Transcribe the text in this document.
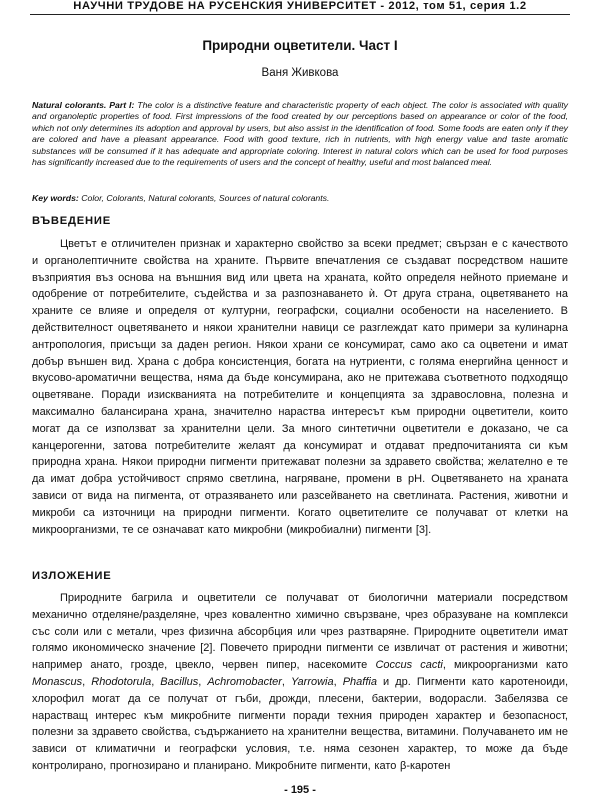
НАУЧНИ ТРУДОВЕ НА РУСЕНСКИЯ УНИВЕРСИТЕТ - 2012, том 51, серия 1.2
Природни оцветители. Част I
Ваня Живкова
Natural colorants. Part I: The color is a distinctive feature and characteristic property of each object. The color is associated with quality and organoleptic properties of food. First impressions of the food created by our perceptions based on appearance or color of the food, which not only determines its adoption and approval by users, but also assist in the identification of food. Some foods are eaten only if they are colored and have a pleasant appearance. Food with good texture, rich in nutrients, with high energy value and taste aromatic substances will be consumed if it has adequate and appropriate coloring. Interest in natural colors which can be used for food purposes has significantly increased due to the requirements of users and the concept of healthy, useful and most balanced meal.
Key words: Color, Colorants, Natural colorants, Sources of natural colorants.
ВЪВЕДЕНИЕ
Цветът е отличителен признак и характерно свойство за всеки предмет; свързан е с качеството и органолептичните свойства на храните. Първите впечатления се създават посредством нашите възприятия въз основа на външния вид или цвета на храната, който определя нейното приемане и одобрение от потребителите, съдейства и за разпознаването ѝ. От друга страна, оцветяването на храните се влияе и определя от културни, географски, социални особености на населението. В действителност оцветяването и някои хранителни навици се разглеждат като примери за кулинарна антропология, присъщи за даден регион. Някои храни се консумират, само ако са оцветени и имат добър външен вид. Храна с добра консистенция, богата на нутриенти, с голяма енергийна ценност и вкусово-ароматични вещества, няма да бъде консумирана, ако не притежава съответното подходящо оцветяване. Поради изискванията на потребителите и концепцията за здравословна, полезна и максимално балансирана храна, значително нараства интересът към природни оцветители, които могат да се използват за хранителни цели. За много синтетични оцветители е доказано, че са канцерогенни, затова потребителите желаят да консумират и отдават предпочитанията си към природна храна. Някои природни пигменти притежават полезни за здравето свойства; желателно е те да имат добра устойчивост спрямо светлина, нагряване, промени в pH. Оцветяването на храната зависи от вида на пигмента, от отразяването или разсейването на светлината. Растения, животни и микроби са източници на природни пигменти. Когато оцветителите се получават от клетки на микроорганизми, те се означават като микробни (микробиални) пигменти [3].
ИЗЛОЖЕНИЕ
Природните багрила и оцветители се получават от биологични материали посредством механично отделяне/разделяне, чрез ковалентно химично свързване, чрез образуване на комплекси със соли или с метали, чрез физична абсорбция или чрез разтваряне. Природните оцветители имат голямо икономическо значение [2]. Повечето природни пигменти се извличат от растения и животни; например анато, грозде, цвекло, червен пипер, насекомите Coccus cacti, микроорганизми като Monascus, Rhodotorula, Bacillus, Achromobacter, Yarrowia, Phaffia и др. Пигменти като каротеноиди, хлорофил могат да се получат от гъби, дрожди, плесени, бактерии, водорасли. Забелязва се нарастващ интерес към микробните пигменти поради техния природен характер и безопасност, полезни за здравето свойства, съдържанието на хранителни вещества, витамини. Получаването им не зависи от климатични и географски условия, т.е. няма сезонен характер, то може да бъде контролирано, прогнозирано и планирано. Микробните пигменти, като β-каротен
- 195 -
